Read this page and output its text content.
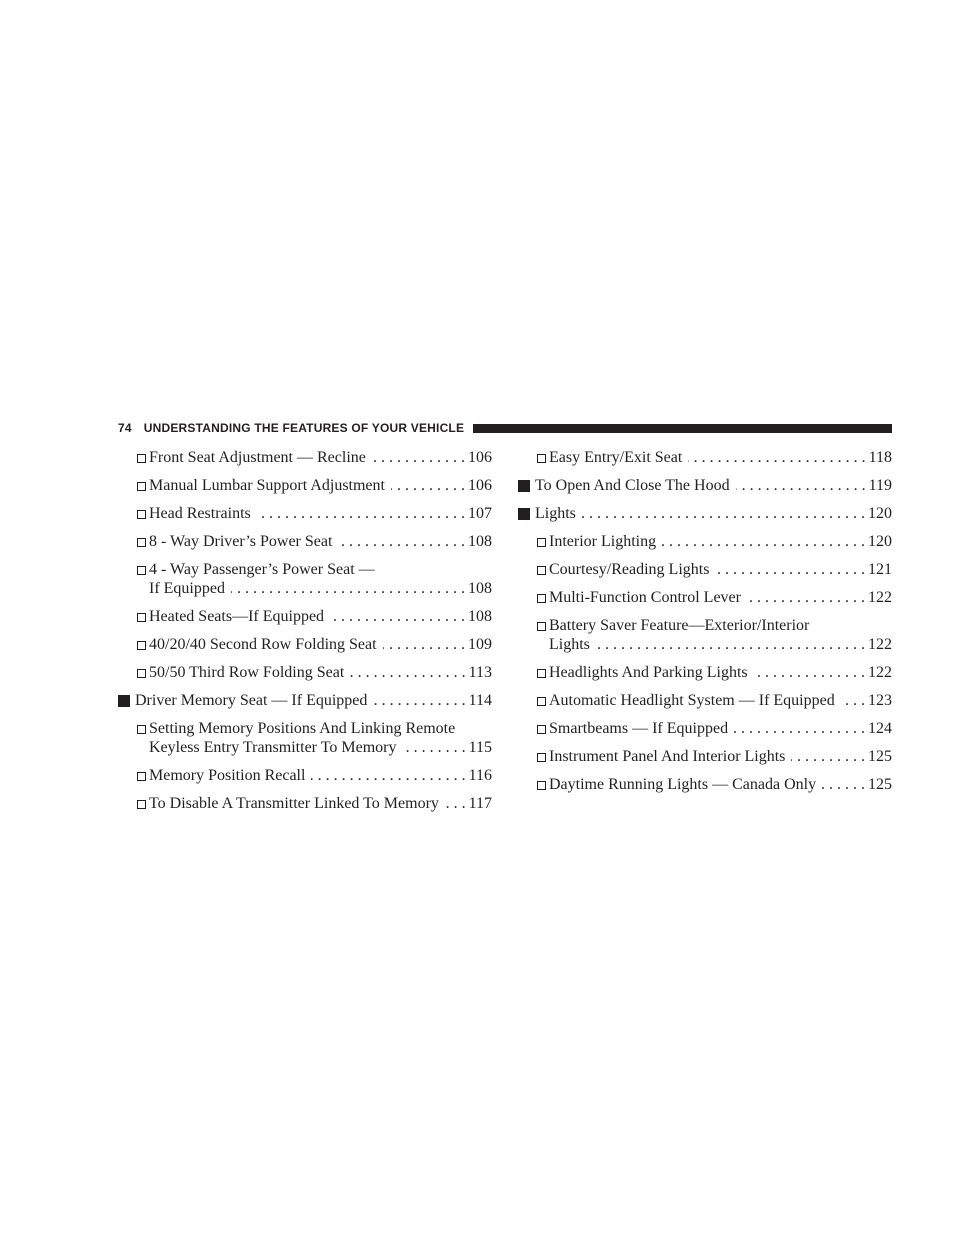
74 UNDERSTANDING THE FEATURES OF YOUR VEHICLE
Front Seat Adjustment — Recline . . .	106
Manual Lumbar Support Adjustment . . .	106
Head Restraints . . .	107
8 - Way Driver’s Power Seat . . .	108
4 - Way Passenger’s Power Seat —
If Equipped . . .	108
Heated Seats—If Equipped . . .	108
40/20/40 Second Row Folding Seat . . .	109
50/50 Third Row Folding Seat . . .	113
Driver Memory Seat — If Equipped . . .	114
Setting Memory Positions And Linking Remote
Keyless Entry Transmitter To Memory . . .	115
Memory Position Recall . . .	116
To Disable A Transmitter Linked To Memory . . . 117
Easy Entry/Exit Seat . . .	118
To Open And Close The Hood . . .	119
Lights . . .	120
Interior Lighting . . .	120
Courtesy/Reading Lights . . .	121
Multi-Function Control Lever . . .	122
Battery Saver Feature—Exterior/Interior
Lights . . .	122
Headlights And Parking Lights . . .	122
Automatic Headlight System — If Equipped . . . 123
Smartbeams — If Equipped . . .	124
Instrument Panel And Interior Lights . . .	125
Daytime Running Lights — Canada Only . . .	125
